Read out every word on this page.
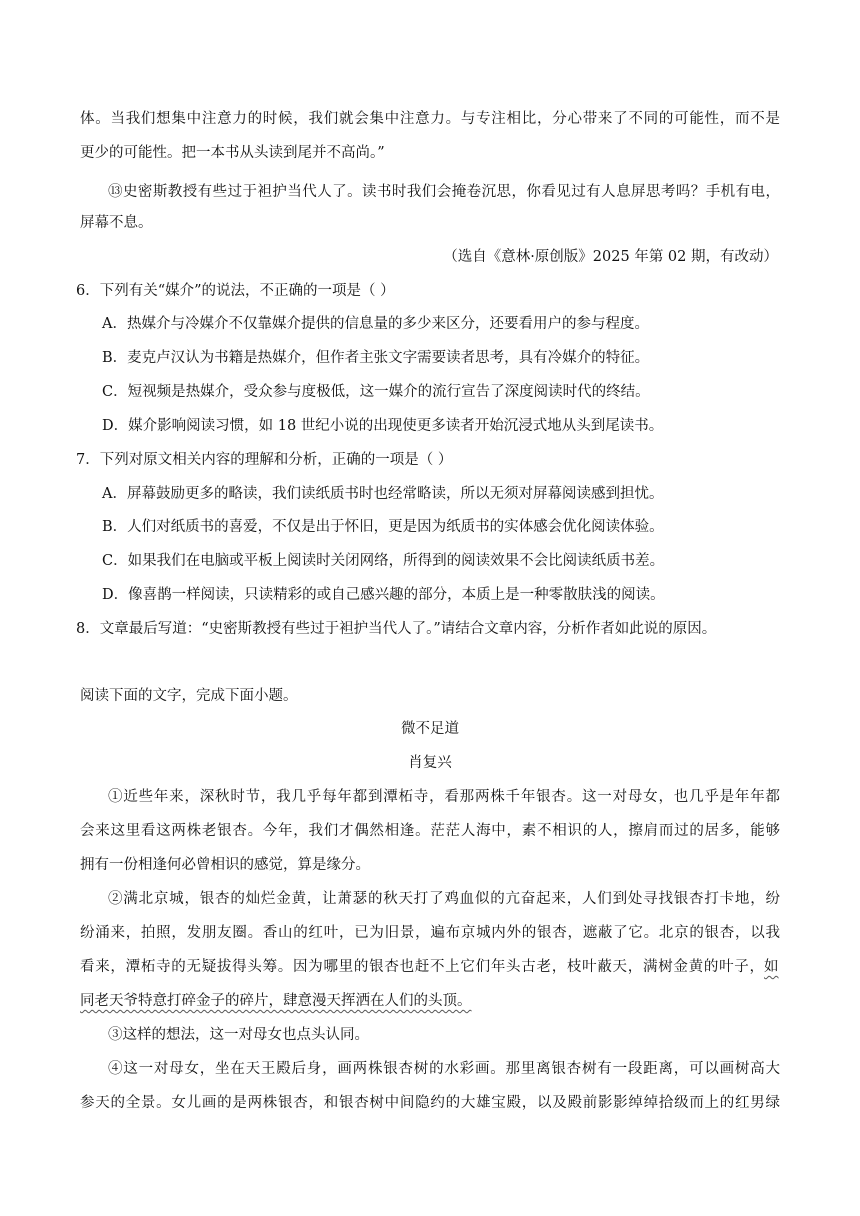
体。当我们想集中注意力的时候，我们就会集中注意力。与专注相比，分心带来了不同的可能性，而不是
更少的可能性。把一本书从头读到尾并不高尚。”
⑬史密斯教授有些过于袒护当代人了。读书时我们会掩卷沉思，你看见过有人息屏思考吗？手机有电，
屏幕不息。
（选自《意林·原创版》2025 年第 02 期，有改动）
6．下列有关“媒介”的说法，不正确的一项是（ ）
A．热媒介与冷媒介不仅靠媒介提供的信息量的多少来区分，还要看用户的参与程度。
B．麦克卢汉认为书籍是热媒介，但作者主张文字需要读者思考，具有冷媒介的特征。
C．短视频是热媒介，受众参与度极低，这一媒介的流行宣告了深度阅读时代的终结。
D．媒介影响阅读习惯，如 18 世纪小说的出现使更多读者开始沉浸式地从头到尾读书。
7．下列对原文相关内容的理解和分析，正确的一项是（ ）
A．屏幕鼓励更多的略读，我们读纸质书时也经常略读，所以无须对屏幕阅读感到担忧。
B．人们对纸质书的喜爱，不仅是出于怀旧，更是因为纸质书的实体感会优化阅读体验。
C．如果我们在电脑或平板上阅读时关闭网络，所得到的阅读效果不会比阅读纸质书差。
D．像喜鹊一样阅读，只读精彩的或自己感兴趣的部分，本质上是一种零散肤浅的阅读。
8．文章最后写道：“史密斯教授有些过于袒护当代人了。”请结合文章内容，分析作者如此说的原因。
阅读下面的文字，完成下面小题。
微不足道
肖复兴
①近些年来，深秋时节，我几乎每年都到潭柘寺，看那两株千年银杏。这一对母女，也几乎是年年都
会来这里看这两株老银杏。今年，我们才偶然相逢。茫茫人海中，素不相识的人，擦肩而过的居多，能够
拥有一份相逢何必曾相识的感觉，算是缘分。
②满北京城，银杏的灿烂金黄，让萧瑟的秋天打了鸡血似的亢奋起来，人们到处寻找银杏打卡地，纷
纷涌来，拍照，发朋友圈。香山的红叶，已为旧景，遍布京城内外的银杏，遮蔽了它。北京的银杏，以我
看来，潭柘寺的无疑拔得头筹。因为哪里的银杏也赶不上它们年头古老，枝叶蔽天，满树金黄的叶子， 如
同老天爷特意打碎金子的碎片，肆意漫天挥洒在人们的头顶。
③这样的想法，这一对母女也点头认同。
④这一对母女，坐在天王殿后身，画两株银杏树的水彩画。那里离银杏树有一段距离，可以画树高大
参天的全景。女儿画的是两株银杏，和银杏树中间隐约的大雄宝殿，以及殿前影影绰绰拾级而上的红男绿
